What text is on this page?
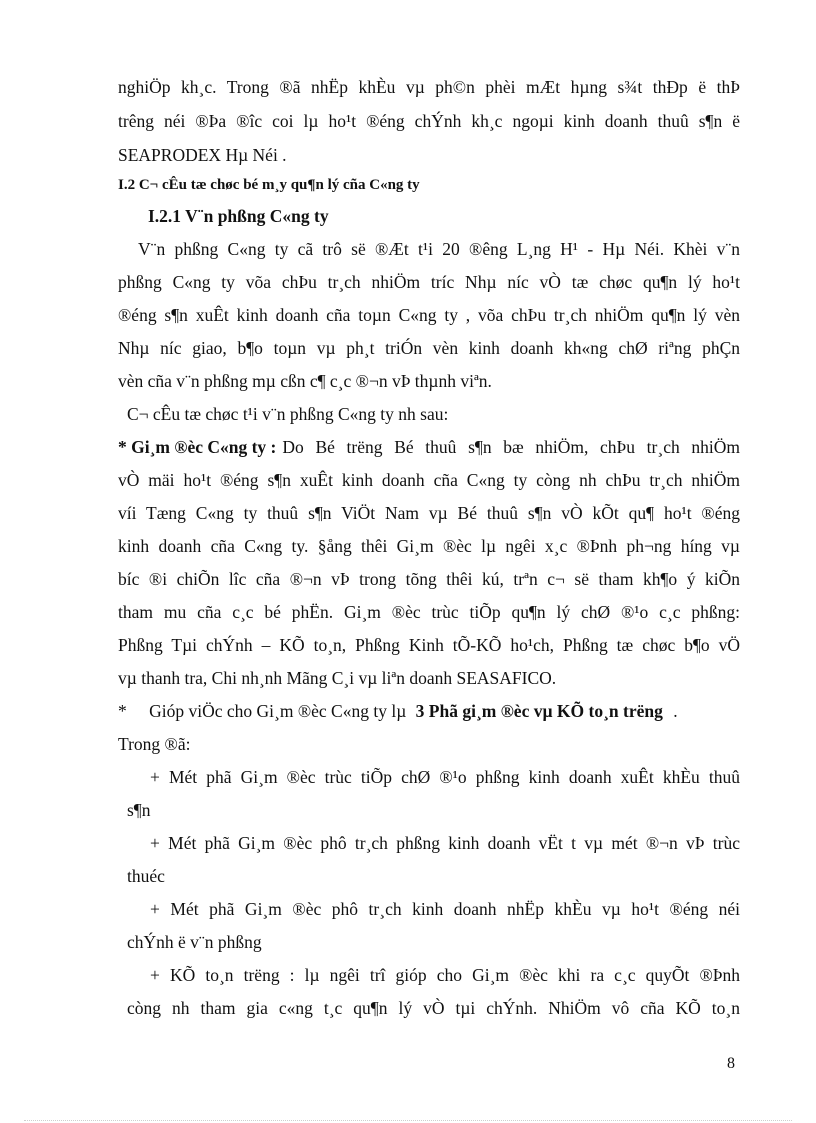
nghiÖp kh¸c. Trong ®ã nhËp khÈu vµ ph©n phèi mÆt hµng s¾t thÐp ë thÞ
trêng néi ®Þa ®îc coi lµ ho¹t ®éng chÝnh kh¸c ngoµi kinh doanh thuû s¶n ë
SEAPRODEX Hµ Néi .
I.2 C¬ cÊu tæ chøc bé m¸y qu¶n lý cña C«ng ty
I.2.1 V¨n phßng C«ng ty
V¨n phßng C«ng ty cã trô së ®Æt t¹i 20 ®êng L¸ng H¹ - Hµ Néi. Khèi v¨n
phßng C«ng ty võa chÞu tr¸ch nhiÖm tríc Nhµ níc vÒ tæ chøc qu¶n lý ho¹t
®éng s¶n xuÊt kinh doanh cña toµn C«ng ty , võa chÞu tr¸ch nhiÖm qu¶n lý vèn
Nhµ níc giao, b¶o toµn vµ ph¸t triÓn vèn kinh doanh kh«ng chØ riªng phÇn
vèn cña v¨n phßng mµ cßn c¶ c¸c ®¬n vÞ thµnh viªn.
C¬ cÊu tæ chøc t¹i v¨n phßng C«ng ty nh sau:
* Gi¸m ®èc C«ng ty : Do Bé trëng Bé thuû s¶n bæ nhiÖm, chÞu tr¸ch nhiÖm
vÒ mäi ho¹t ®éng s¶n xuÊt kinh doanh cña C«ng ty còng nh chÞu tr¸ch nhiÖm
víi Tæng C«ng ty thuû s¶n ViÖt Nam vµ Bé thuû s¶n vÒ kÕt qu¶ ho¹t ®éng
kinh doanh cña C«ng ty. §ång thêi Gi¸m ®èc lµ ngêi x¸c ®Þnh ph¬ng híng vµ
bíc ®i chiÕn lîc cña ®¬n vÞ trong tõng thêi kú, trªn c¬ së tham kh¶o ý kiÕn
tham mu cña c¸c bé phËn. Gi¸m ®èc trùc tiÕp qu¶n lý chØ ®¹o c¸c phßng:
Phßng Tµi chÝnh – KÕ to¸n, Phßng Kinh tÕ-KÕ ho¹ch, Phßng tæ chøc b¶o vÖ
vµ thanh tra, Chi nh¸nh Mãng C¸i vµ liªn doanh SEASAFICO.
* Gióp viÖc cho Gi¸m ®èc C«ng ty lµ 3 Phã gi¸m ®èc vµ KÕ to¸n trëng .
Trong ®ã:
+ Mét phã Gi¸m ®èc trùc tiÕp chØ ®¹o phßng kinh doanh xuÊt khÈu thuû
s¶n
+ Mét phã Gi¸m ®èc phô tr¸ch phßng kinh doanh vËt t vµ mét ®¬n vÞ trùc
thuéc
+ Mét phã Gi¸m ®èc phô tr¸ch kinh doanh nhËp khÈu vµ ho¹t ®éng néi
chÝnh ë v¨n phßng
+ KÕ to¸n trëng : lµ ngêi trî gióp cho Gi¸m ®èc khi ra c¸c quyÕt ®Þnh
còng nh tham gia c«ng t¸c qu¶n lý vÒ tµi chÝnh. NhiÖm vô cña KÕ to¸n
8
